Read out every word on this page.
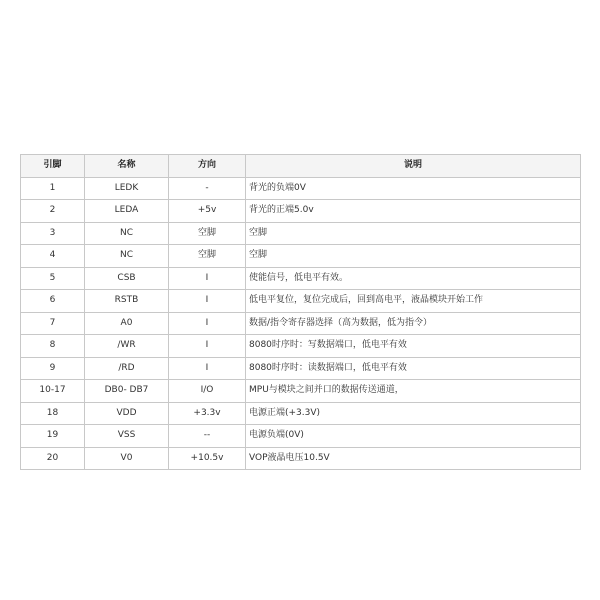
引脚	名称	方向	说明
1	LEDK	-	背光的负端0V
2	LEDA	+5v	背光的正端5.0v
3	NC	空脚	空脚
4	NC	空脚	空脚
5	CSB	I	使能信号，低电平有效。
6	RSTB	I	低电平复位，复位完成后，回到高电平，液晶模块开始工作
7	A0	I	数据/指令寄存器选择（高为数据，低为指令）
8	/WR	I	8080时序时：写数据端口，低电平有效
9	/RD	I	8080时序时：读数据端口，低电平有效
10-17	DB0- DB7	I/O	MPU与模块之间并口的数据传送通道，
18	VDD	+3.3v	电源正端(+3.3V)
19	VSS	--	电源负端(0V)
20	V0	+10.5v	VOP液晶电压10.5V
